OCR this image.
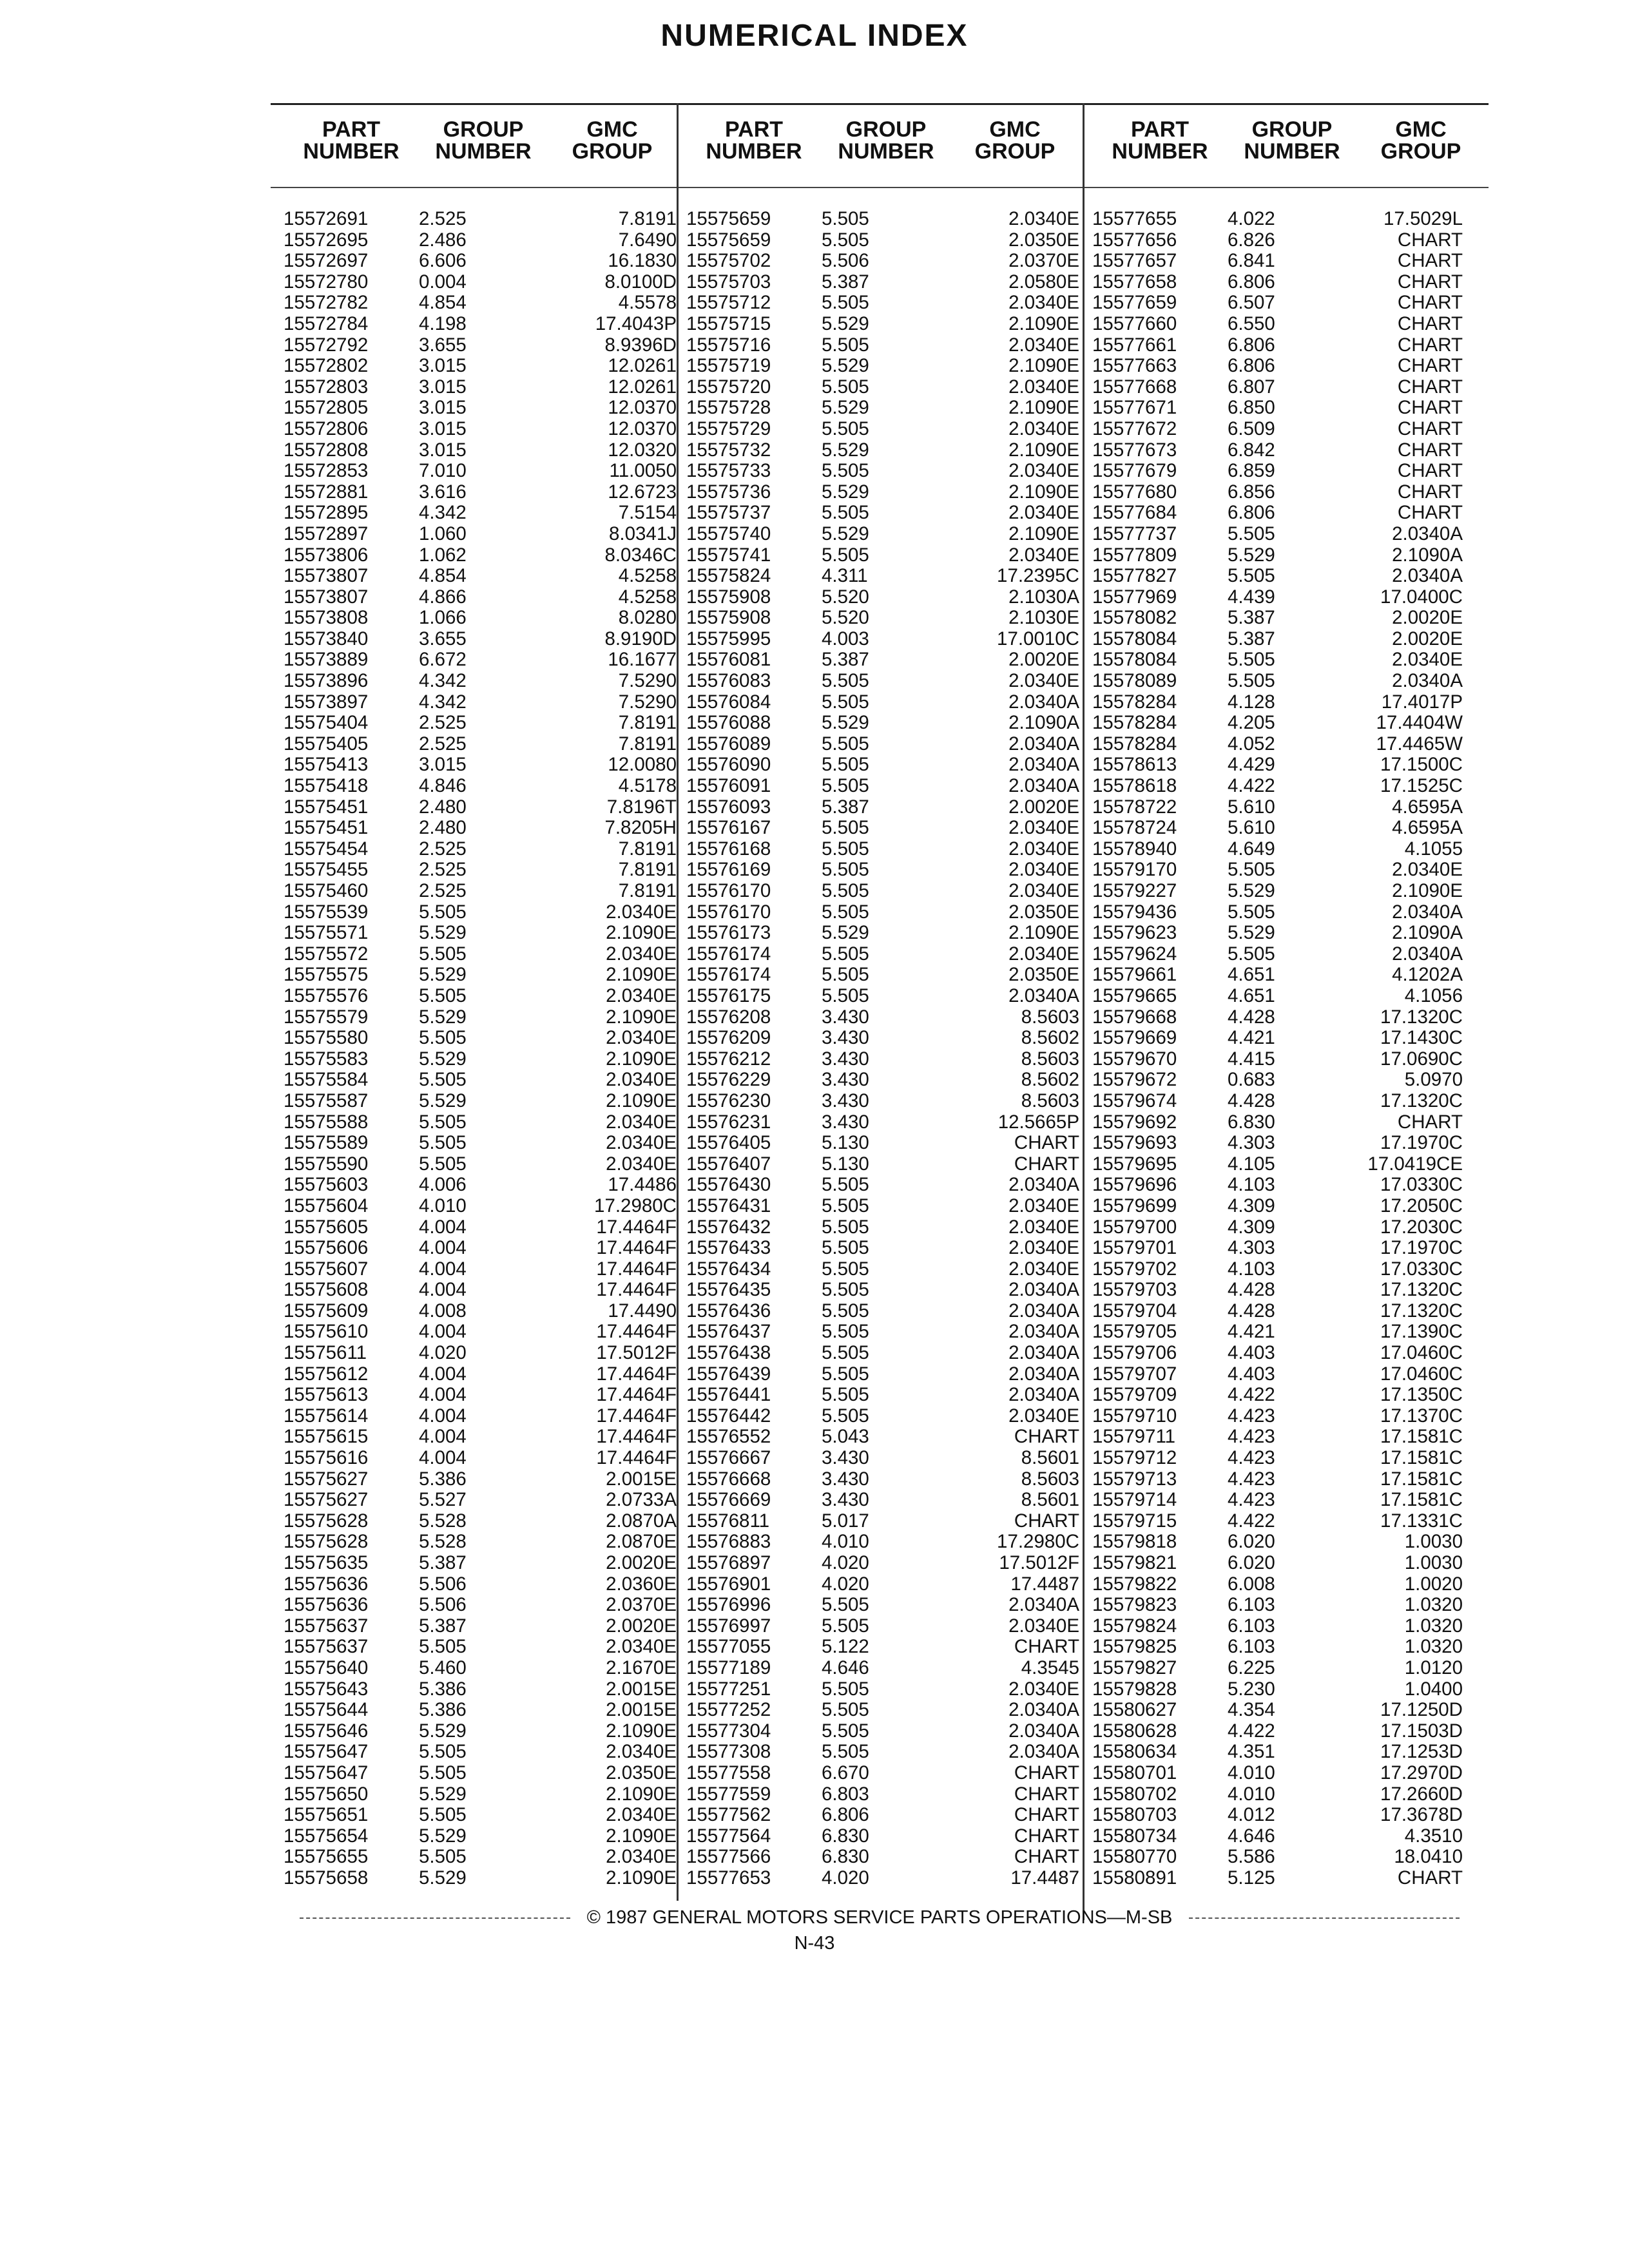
NUMERICAL INDEX
PART
NUMBER
GROUP
NUMBER
GMC
GROUP
15572691	2.525	7.8191
15572695	2.486	7.6490
15572697	6.606	16.1830
15572780	0.004	8.0100D
15572782	4.854	4.5578
15572784	4.198	17.4043P
15572792	3.655	8.9396D
15572802	3.015	12.0261
15572803	3.015	12.0261
15572805	3.015	12.0370
15572806	3.015	12.0370
15572808	3.015	12.0320
15572853	7.010	11.0050
15572881	3.616	12.6723
15572895	4.342	7.5154
15572897	1.060	8.0341J
15573806	1.062	8.0346C
15573807	4.854	4.5258
15573807	4.866	4.5258
15573808	1.066	8.0280
15573840	3.655	8.9190D
15573889	6.672	16.1677
15573896	4.342	7.5290
15573897	4.342	7.5290
15575404	2.525	7.8191
15575405	2.525	7.8191
15575413	3.015	12.0080
15575418	4.846	4.5178
15575451	2.480	7.8196T
15575451	2.480	7.8205H
15575454	2.525	7.8191
15575455	2.525	7.8191
15575460	2.525	7.8191
15575539	5.505	2.0340E
15575571	5.529	2.1090E
15575572	5.505	2.0340E
15575575	5.529	2.1090E
15575576	5.505	2.0340E
15575579	5.529	2.1090E
15575580	5.505	2.0340E
15575583	5.529	2.1090E
15575584	5.505	2.0340E
15575587	5.529	2.1090E
15575588	5.505	2.0340E
15575589	5.505	2.0340E
15575590	5.505	2.0340E
15575603	4.006	17.4486
15575604	4.010	17.2980C
15575605	4.004	17.4464F
15575606	4.004	17.4464F
15575607	4.004	17.4464F
15575608	4.004	17.4464F
15575609	4.008	17.4490
15575610	4.004	17.4464F
15575611	4.020	17.5012F
15575612	4.004	17.4464F
15575613	4.004	17.4464F
15575614	4.004	17.4464F
15575615	4.004	17.4464F
15575616	4.004	17.4464F
15575627	5.386	2.0015E
15575627	5.527	2.0733A
15575628	5.528	2.0870A
15575628	5.528	2.0870E
15575635	5.387	2.0020E
15575636	5.506	2.0360E
15575636	5.506	2.0370E
15575637	5.387	2.0020E
15575637	5.505	2.0340E
15575640	5.460	2.1670E
15575643	5.386	2.0015E
15575644	5.386	2.0015E
15575646	5.529	2.1090E
15575647	5.505	2.0340E
15575647	5.505	2.0350E
15575650	5.529	2.1090E
15575651	5.505	2.0340E
15575654	5.529	2.1090E
15575655	5.505	2.0340E
15575658	5.529	2.1090E
PART
NUMBER
GROUP
NUMBER
GMC
GROUP
15575659	5.505	2.0340E
15575659	5.505	2.0350E
15575702	5.506	2.0370E
15575703	5.387	2.0580E
15575712	5.505	2.0340E
15575715	5.529	2.1090E
15575716	5.505	2.0340E
15575719	5.529	2.1090E
15575720	5.505	2.0340E
15575728	5.529	2.1090E
15575729	5.505	2.0340E
15575732	5.529	2.1090E
15575733	5.505	2.0340E
15575736	5.529	2.1090E
15575737	5.505	2.0340E
15575740	5.529	2.1090E
15575741	5.505	2.0340E
15575824	4.311	17.2395C
15575908	5.520	2.1030A
15575908	5.520	2.1030E
15575995	4.003	17.0010C
15576081	5.387	2.0020E
15576083	5.505	2.0340E
15576084	5.505	2.0340A
15576088	5.529	2.1090A
15576089	5.505	2.0340A
15576090	5.505	2.0340A
15576091	5.505	2.0340A
15576093	5.387	2.0020E
15576167	5.505	2.0340E
15576168	5.505	2.0340E
15576169	5.505	2.0340E
15576170	5.505	2.0340E
15576170	5.505	2.0350E
15576173	5.529	2.1090E
15576174	5.505	2.0340E
15576174	5.505	2.0350E
15576175	5.505	2.0340A
15576208	3.430	8.5603
15576209	3.430	8.5602
15576212	3.430	8.5603
15576229	3.430	8.5602
15576230	3.430	8.5603
15576231	3.430	12.5665P
15576405	5.130	CHART
15576407	5.130	CHART
15576430	5.505	2.0340A
15576431	5.505	2.0340E
15576432	5.505	2.0340E
15576433	5.505	2.0340E
15576434	5.505	2.0340E
15576435	5.505	2.0340A
15576436	5.505	2.0340A
15576437	5.505	2.0340A
15576438	5.505	2.0340A
15576439	5.505	2.0340A
15576441	5.505	2.0340A
15576442	5.505	2.0340E
15576552	5.043	CHART
15576667	3.430	8.5601
15576668	3.430	8.5603
15576669	3.430	8.5601
15576811	5.017	CHART
15576883	4.010	17.2980C
15576897	4.020	17.5012F
15576901	4.020	17.4487
15576996	5.505	2.0340A
15576997	5.505	2.0340E
15577055	5.122	CHART
15577189	4.646	4.3545
15577251	5.505	2.0340E
15577252	5.505	2.0340A
15577304	5.505	2.0340A
15577308	5.505	2.0340A
15577558	6.670	CHART
15577559	6.803	CHART
15577562	6.806	CHART
15577564	6.830	CHART
15577566	6.830	CHART
15577653	4.020	17.4487
PART
NUMBER
GROUP
NUMBER
GMC
GROUP
15577655	4.022	17.5029L
15577656	6.826	CHART
15577657	6.841	CHART
15577658	6.806	CHART
15577659	6.507	CHART
15577660	6.550	CHART
15577661	6.806	CHART
15577663	6.806	CHART
15577668	6.807	CHART
15577671	6.850	CHART
15577672	6.509	CHART
15577673	6.842	CHART
15577679	6.859	CHART
15577680	6.856	CHART
15577684	6.806	CHART
15577737	5.505	2.0340A
15577809	5.529	2.1090A
15577827	5.505	2.0340A
15577969	4.439	17.0400C
15578082	5.387	2.0020E
15578084	5.387	2.0020E
15578084	5.505	2.0340E
15578089	5.505	2.0340A
15578284	4.128	17.4017P
15578284	4.205	17.4404W
15578284	4.052	17.4465W
15578613	4.429	17.1500C
15578618	4.422	17.1525C
15578722	5.610	4.6595A
15578724	5.610	4.6595A
15578940	4.649	4.1055
15579170	5.505	2.0340E
15579227	5.529	2.1090E
15579436	5.505	2.0340A
15579623	5.529	2.1090A
15579624	5.505	2.0340A
15579661	4.651	4.1202A
15579665	4.651	4.1056
15579668	4.428	17.1320C
15579669	4.421	17.1430C
15579670	4.415	17.0690C
15579672	0.683	5.0970
15579674	4.428	17.1320C
15579692	6.830	CHART
15579693	4.303	17.1970C
15579695	4.105	17.0419CE
15579696	4.103	17.0330C
15579699	4.309	17.2050C
15579700	4.309	17.2030C
15579701	4.303	17.1970C
15579702	4.103	17.0330C
15579703	4.428	17.1320C
15579704	4.428	17.1320C
15579705	4.421	17.1390C
15579706	4.403	17.0460C
15579707	4.403	17.0460C
15579709	4.422	17.1350C
15579710	4.423	17.1370C
15579711	4.423	17.1581C
15579712	4.423	17.1581C
15579713	4.423	17.1581C
15579714	4.423	17.1581C
15579715	4.422	17.1331C
15579818	6.020	1.0030
15579821	6.020	1.0030
15579822	6.008	1.0020
15579823	6.103	1.0320
15579824	6.103	1.0320
15579825	6.103	1.0320
15579827	6.225	1.0120
15579828	5.230	1.0400
15580627	4.354	17.1250D
15580628	4.422	17.1503D
15580634	4.351	17.1253D
15580701	4.010	17.2970D
15580702	4.010	17.2660D
15580703	4.012	17.3678D
15580734	4.646	4.3510
15580770	5.586	18.0410
15580891	5.125	CHART
© 1987 GENERAL MOTORS SERVICE PARTS OPERATIONS—M-SB
N-43
